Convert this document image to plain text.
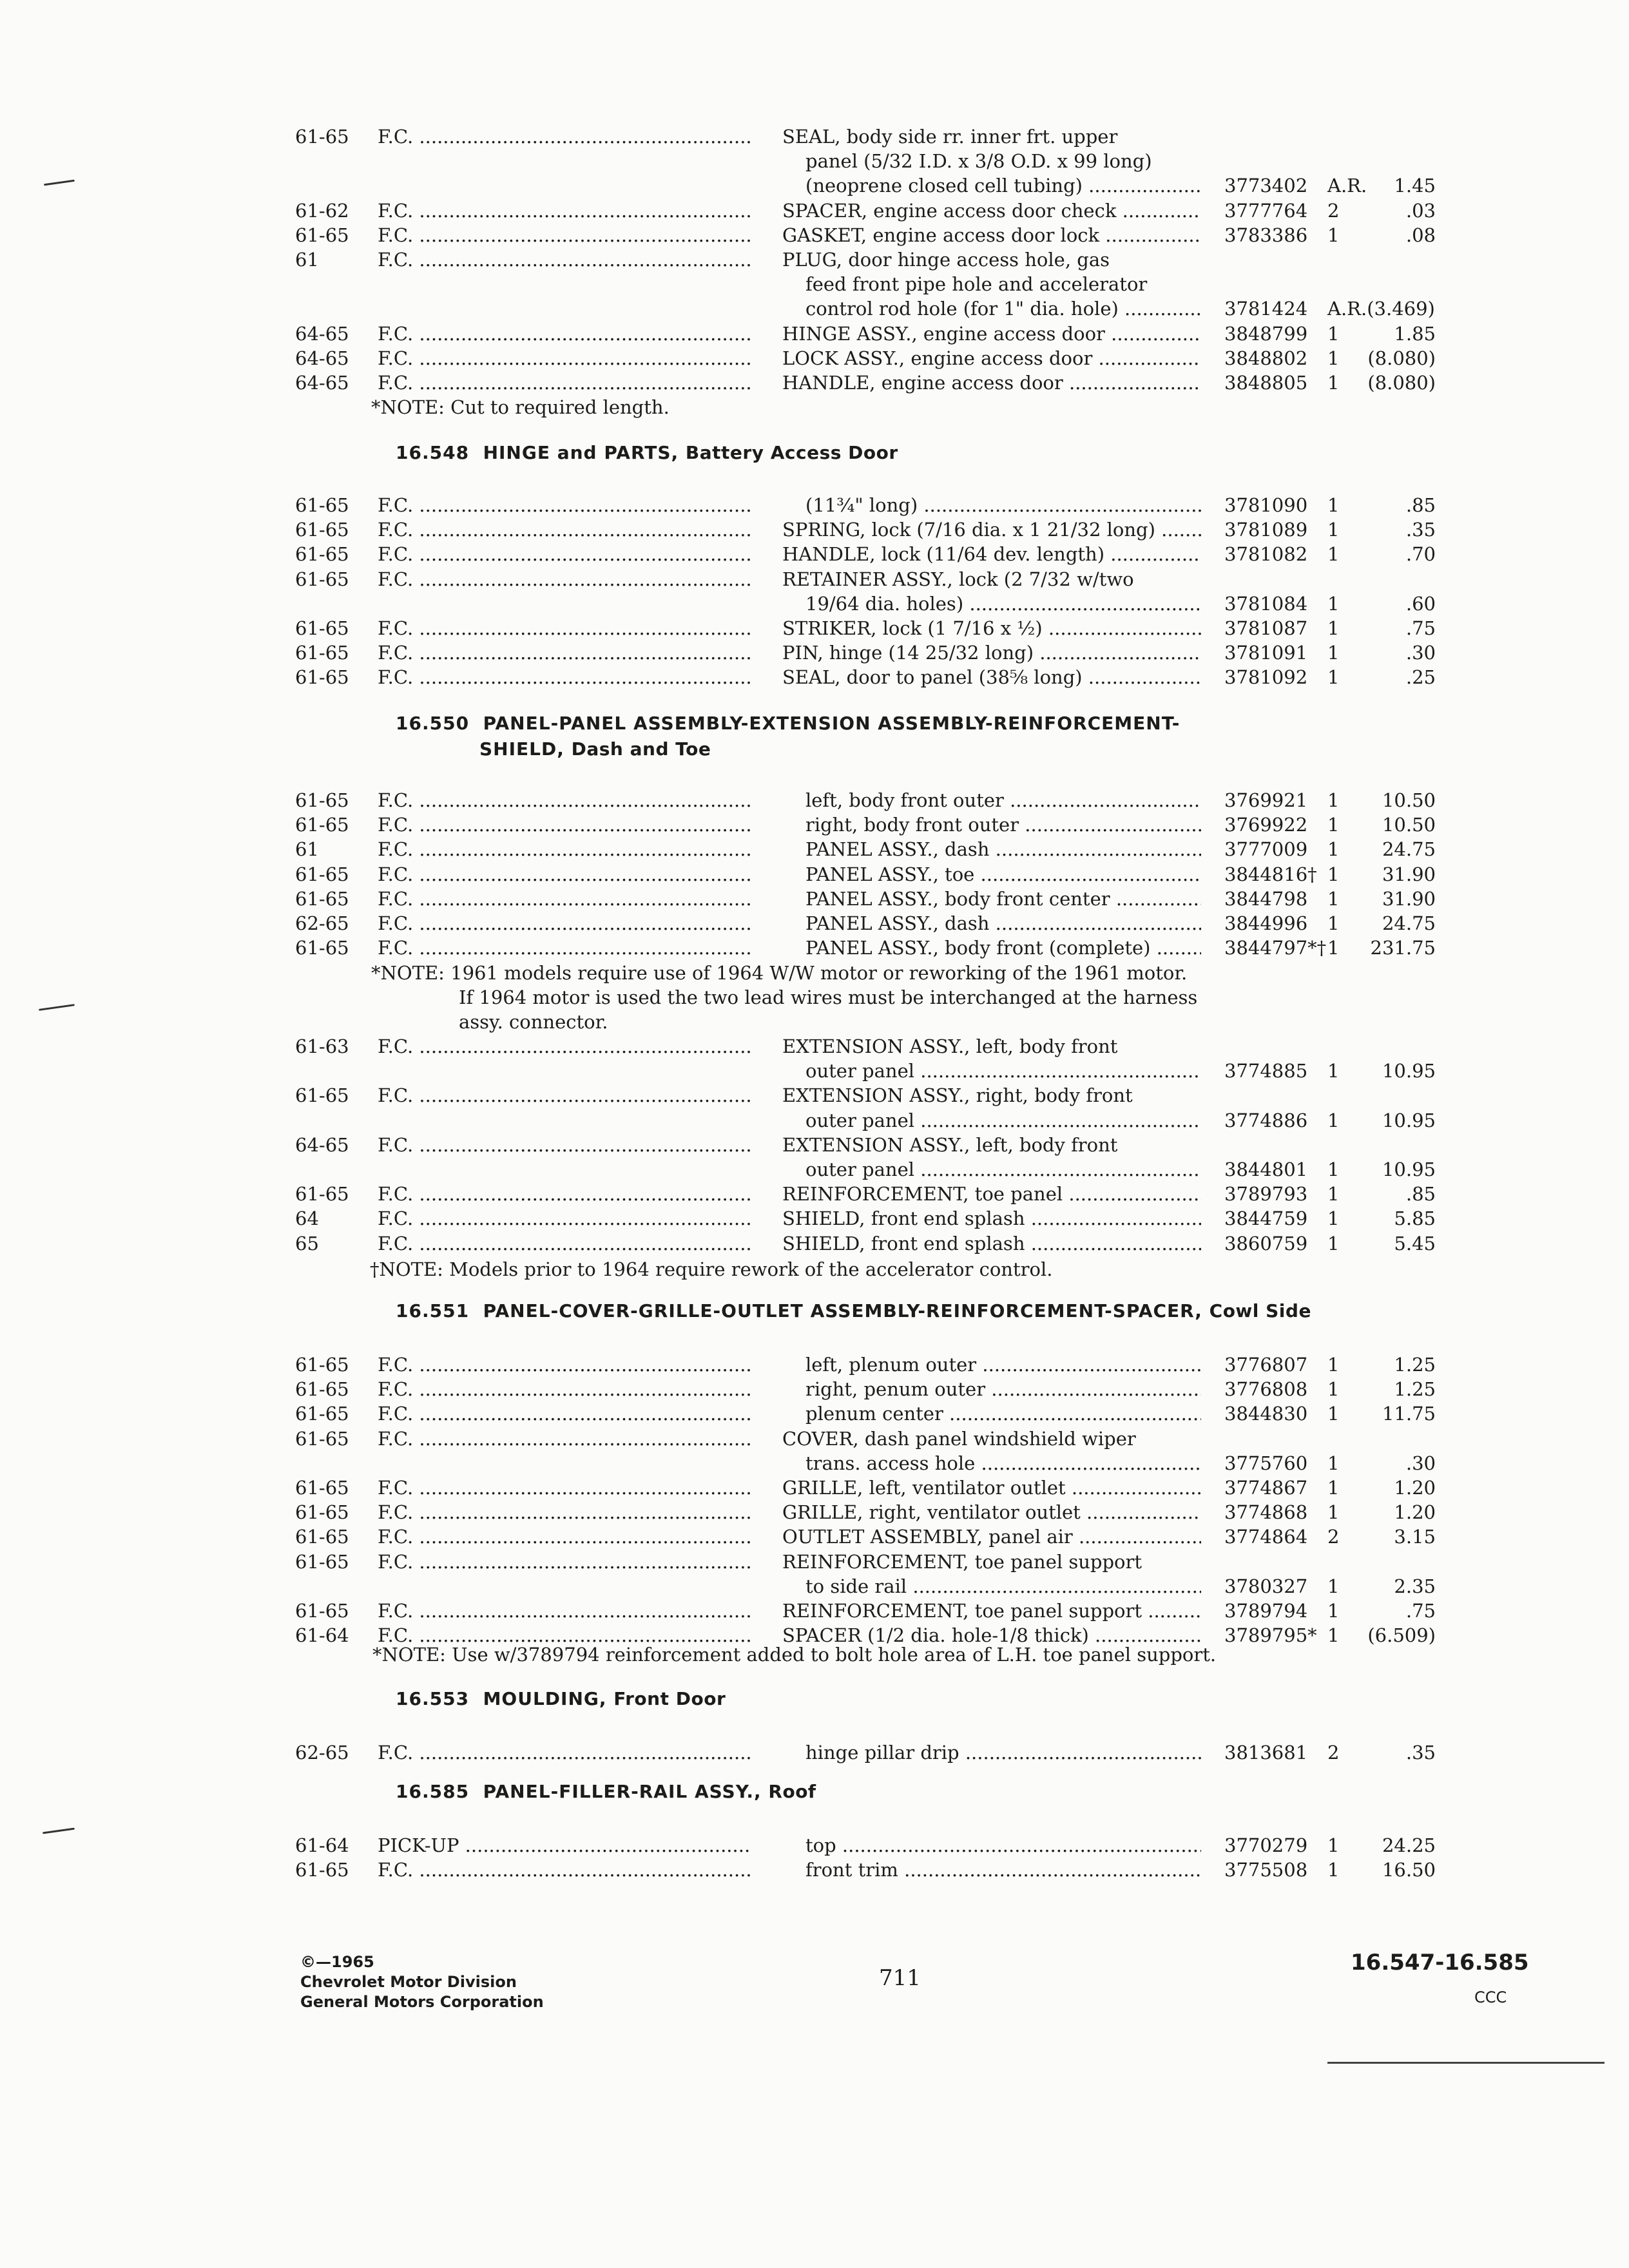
61-65 F.C. .....	SEAL, body side rr. inner frt. upper
panel (5/32 I.D. x 3/8 O.D. x 99 long)
(neoprene closed cell tubing) .....	3773402 A.R.	1.45
61-62 F.C. .....	SPACER, engine access door check .....	3777764 2	.03
61-65 F.C. .....	GASKET, engine access door lock .....	3783386 1	.08
61	F.C. .....	PLUG, door hinge access hole, gas
feed front pipe hole and accelerator
control rod hole (for 1" dia. hole) .....	3781424 A.R.(3.469)
64-65 F.C. .....	HINGE ASSY., engine access door .....	3848799 1	1.85
64-65 F.C. .....	LOCK ASSY., engine access door .....	3848802 1 (8.080)
64-65 F.C. .....	HANDLE, engine access door .....	3848805 1 (8.080)
*NOTE: Cut to required length.
16.548 HINGE and PARTS, Battery Access Door
61-65 F.C. .....	(11¾" long) .....	3781090 1	.85
61-65 F.C. .....	SPRING, lock (7/16 dia. x 1 21/32 long) .....	3781089 1	.35
61-65 F.C. .....	HANDLE, lock (11/64 dev. length) .....	3781082 1	.70
61-65 F.C. .....	RETAINER ASSY., lock (2 7/32 w/two
19/64 dia. holes) .....	3781084 1	.60
61-65 F.C. .....	STRIKER, lock (1 7/16 x ½) .....	3781087 1	.75
61-65 F.C. .....	PIN, hinge (14 25/32 long) .....	3781091 1	.30
61-65 F.C. .....	SEAL, door to panel (38⅝ long) .....	3781092 1	.25
16.550 PANEL-PANEL ASSEMBLY-EXTENSION ASSEMBLY-REINFORCEMENT-
SHIELD, Dash and Toe
61-65 F.C. .....	left, body front outer .....	3769921 1	10.50
61-65 F.C. .....	right, body front outer .....	3769922 1	10.50
61	F.C. .....	PANEL ASSY., dash .....	3777009 1	24.75
61-65 F.C. .....	PANEL ASSY., toe .....	3844816† 1	31.90
61-65 F.C. .....	PANEL ASSY., body front center .....	3844798 1	31.90
62-65 F.C. .....	PANEL ASSY., dash .....	3844996 1	24.75
61-65 F.C. .....	PANEL ASSY., body front (complete) .....	3844797*† 1 231.75
*NOTE: 1961 models require use of 1964 W/W motor or reworking of the 1961 motor.
If 1964 motor is used the two lead wires must be interchanged at the harness
assy. connector.
61-63 F.C. .....	EXTENSION ASSY., left, body front
outer panel .....	3774885 1	10.95
61-65 F.C. .....	EXTENSION ASSY., right, body front
outer panel .....	3774886 1	10.95
64-65 F.C. .....	EXTENSION ASSY., left, body front
outer panel .....	3844801 1	10.95
61-65 F.C. .....	REINFORCEMENT, toe panel .....	3789793 1	.85
64	F.C. .....	SHIELD, front end splash .....	3844759 1	5.85
65	F.C. .....	SHIELD, front end splash .....	3860759 1	5.45
†NOTE: Models prior to 1964 require rework of the accelerator control.
16.551 PANEL-COVER-GRILLE-OUTLET ASSEMBLY-REINFORCEMENT-SPACER, Cowl Side
61-65 F.C. .....	left, plenum outer .....	3776807 1	1.25
61-65 F.C. .....	right, penum outer .....	3776808 1	1.25
61-65 F.C. .....	plenum center .....	3844830 1	11.75
61-65 F.C. .....	COVER, dash panel windshield wiper
trans. access hole .....	3775760 1	.30
61-65 F.C. .....	GRILLE, left, ventilator outlet .....	3774867 1	1.20
61-65 F.C. .....	GRILLE, right, ventilator outlet .....	3774868 1	1.20
61-65 F.C. .....	OUTLET ASSEMBLY, panel air .....	3774864 2	3.15
61-65 F.C. .....	REINFORCEMENT, toe panel support
to side rail .....	3780327 1	2.35
61-65 F.C. .....	REINFORCEMENT, toe panel support .....	3789794 1	.75
61-64 F.C. .....	SPACER (1/2 dia. hole-1/8 thick) .....	3789795* 1 (6.509)
*NOTE: Use w/3789794 reinforcement added to bolt hole area of L.H. toe panel support.
16.553 MOULDING, Front Door
62-65 F.C. .....	hinge pillar drip .....	3813681 2	.35
16.585 PANEL-FILLER-RAIL ASSY., Roof
61-64 PICK-UP .....	top .....	3770279 1	24.25
61-65 F.C. .....	front trim .....	3775508 1	16.50
©—1965
Chevrolet Motor Division
General Motors Corporation
711
16.547-16.585
CCC
